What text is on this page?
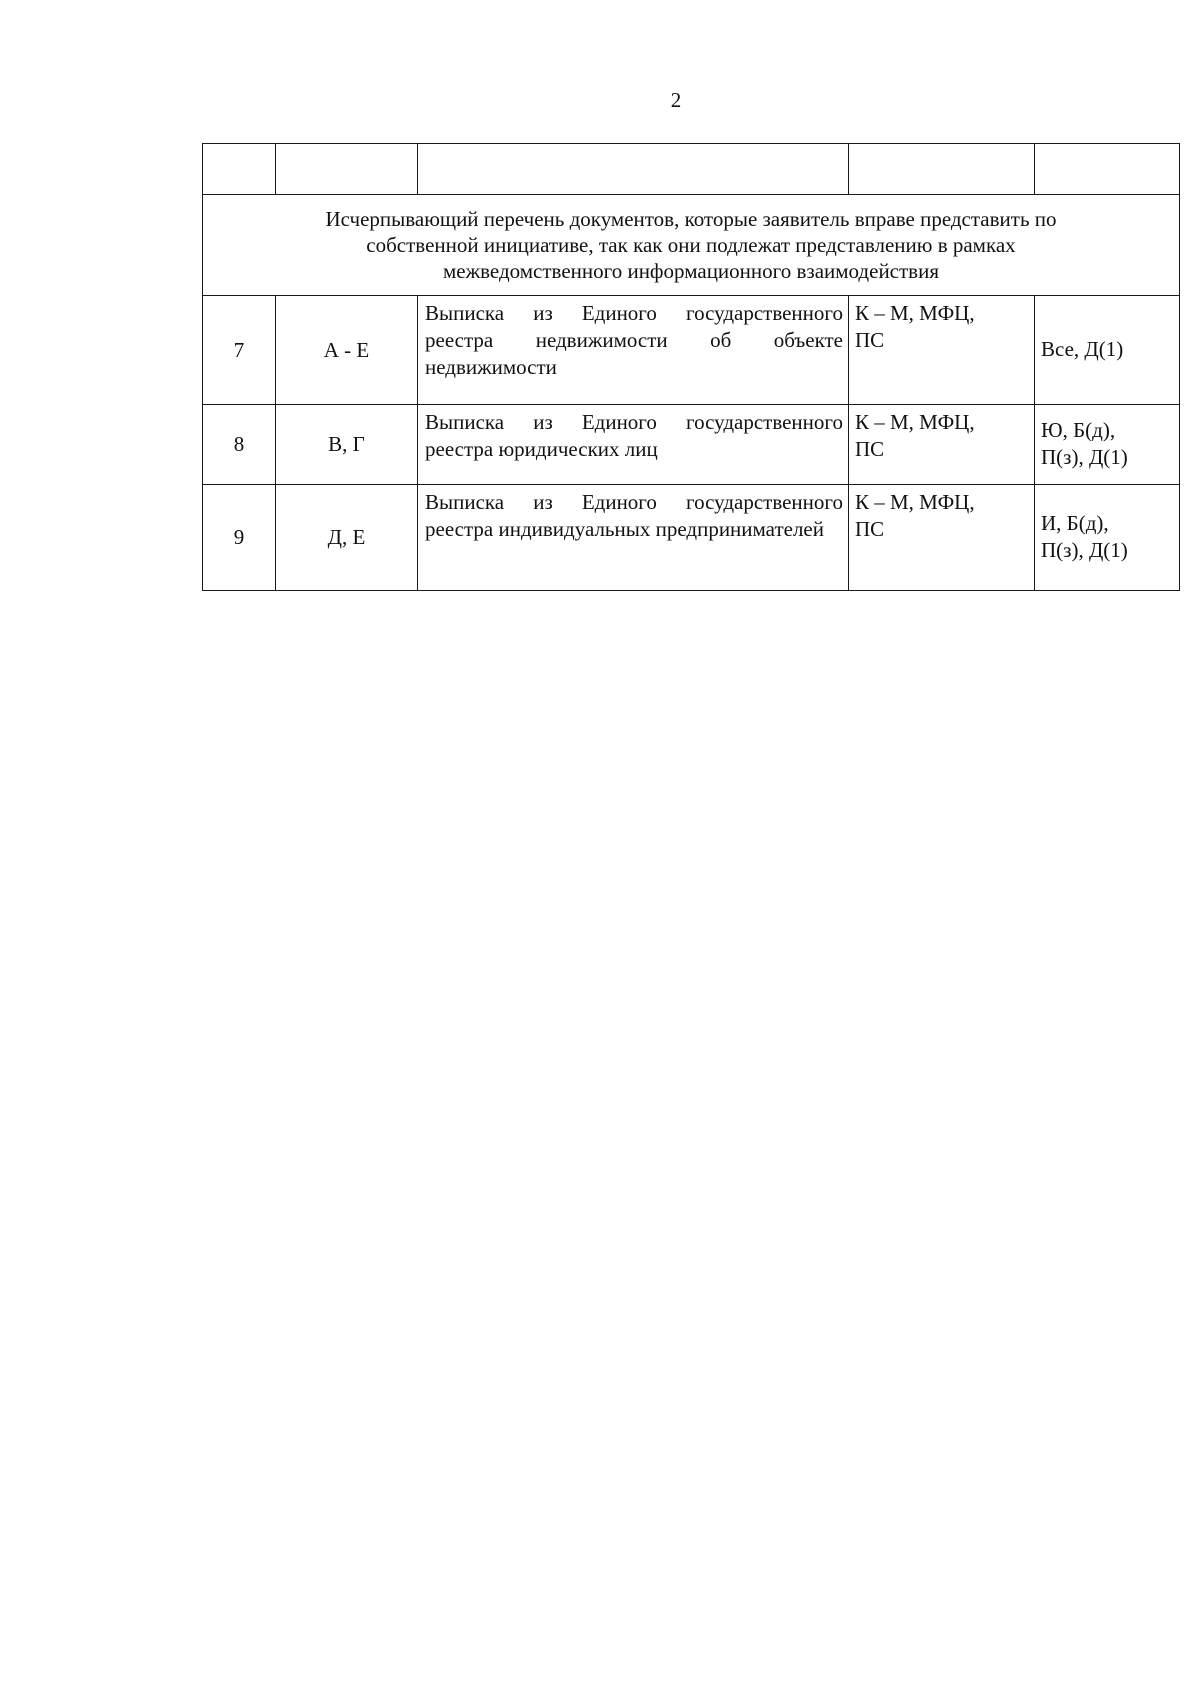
2

Исчерпывающий перечень документов, которые заявитель вправе представить по
собственной инициативе, так как они подлежат представлению в рамках
межведомственного информационного взаимодействия				

7	А - Е	Выписка из Единого государственного реестра недвижимости об объекте недвижимости	К – М, МФЦ,
ПС	Все, Д(1)

8	В, Г	Выписка из Единого государственного реестра юридических лиц	К – М, МФЦ,
ПС	Ю, Б(д),
П(з), Д(1)

9	Д, Е	Выписка из Единого государственного реестра индивидуальных предпринимателей	К – М, МФЦ,
ПС	И, Б(д),
П(з), Д(1)
